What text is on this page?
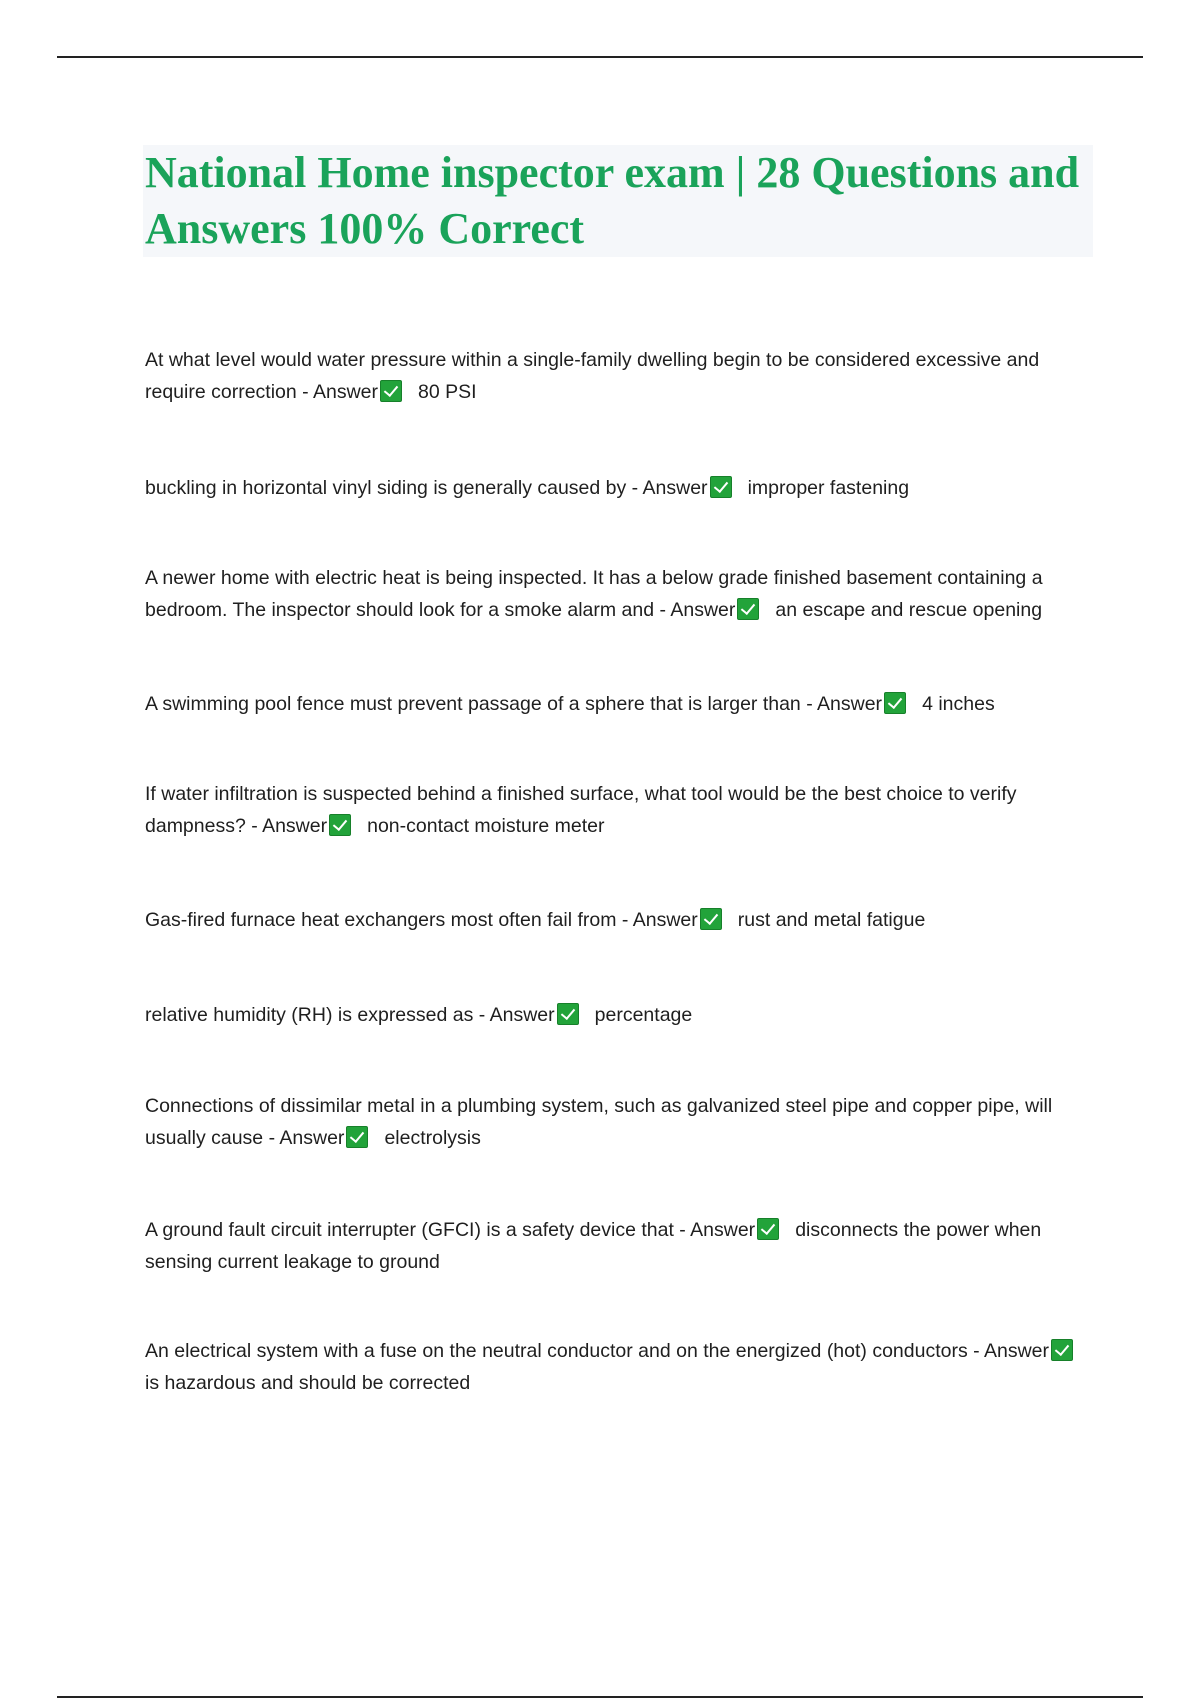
National Home inspector exam | 28 Questions and Answers 100% Correct
At what level would water pressure within a single-family dwelling begin to be considered excessive and require correction - Answer 80 PSI
buckling in horizontal vinyl siding is generally caused by - Answer improper fastening
A newer home with electric heat is being inspected. It has a below grade finished basement containing a bedroom. The inspector should look for a smoke alarm and - Answer an escape and rescue opening
A swimming pool fence must prevent passage of a sphere that is larger than - Answer 4 inches
If water infiltration is suspected behind a finished surface, what tool would be the best choice to verify dampness? - Answer non-contact moisture meter
Gas-fired furnace heat exchangers most often fail from - Answer rust and metal fatigue
relative humidity (RH) is expressed as - Answer percentage
Connections of dissimilar metal in a plumbing system, such as galvanized steel pipe and copper pipe, will usually cause - Answer electrolysis
A ground fault circuit interrupter (GFCI) is a safety device that - Answer disconnects the power when sensing current leakage to ground
An electrical system with a fuse on the neutral conductor and on the energized (hot) conductors - Answeris hazardous and should be corrected
